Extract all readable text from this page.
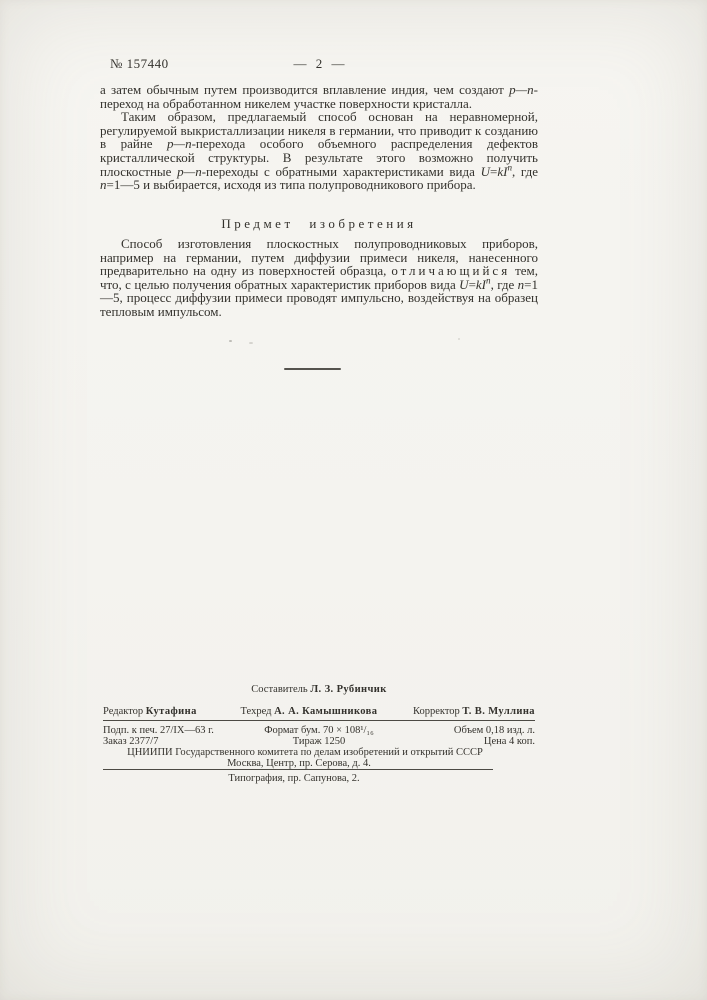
№ 157440	— 2 —

а затем обычным путем производится вплавление индия, чем создают p—n-переход на обработанном никелем участке поверхности кристалла.

Таким образом, предлагаемый способ основан на неравномерной, регулируемой выкристаллизации никеля в германии, что приводит к созданию в райне p—n-перехода особого объемного распределения дефектов кристаллической структуры. В результате этого возможно получить плоскостные p—n-переходы с обратными характеристиками вида $U=kI^n$, где n=1—5 и выбирается, исходя из типа полупроводникового прибора.

Предмет изобретения

Способ изготовления плоскостных полупроводниковых приборов, например на германии, путем диффузии примеси никеля, нанесенного предварительно на одну из поверхностей образца, отличающийся тем, что, с целью получения обратных характеристик приборов вида $U=kI^n$, где n=1—5, процесс диффузии примеси проводят импульсно, воздействуя на образец тепловым импульсом.

Составитель Л. З. Рубинчик
Редактор Кутафина	Техред А. А. Камышникова	Корректор Т. В. Муллина
Подп. к печ. 27/IX—63 г.	Формат бум. 70 × 108¹/₁₆	Объем 0,18 изд. л.
Заказ 2377/7	Тираж 1250	Цена 4 коп.
ЦНИИПИ Государственного комитета по делам изобретений и открытий СССР
Москва, Центр, пр. Серова, д. 4.
Типография, пр. Сапунова, 2.
